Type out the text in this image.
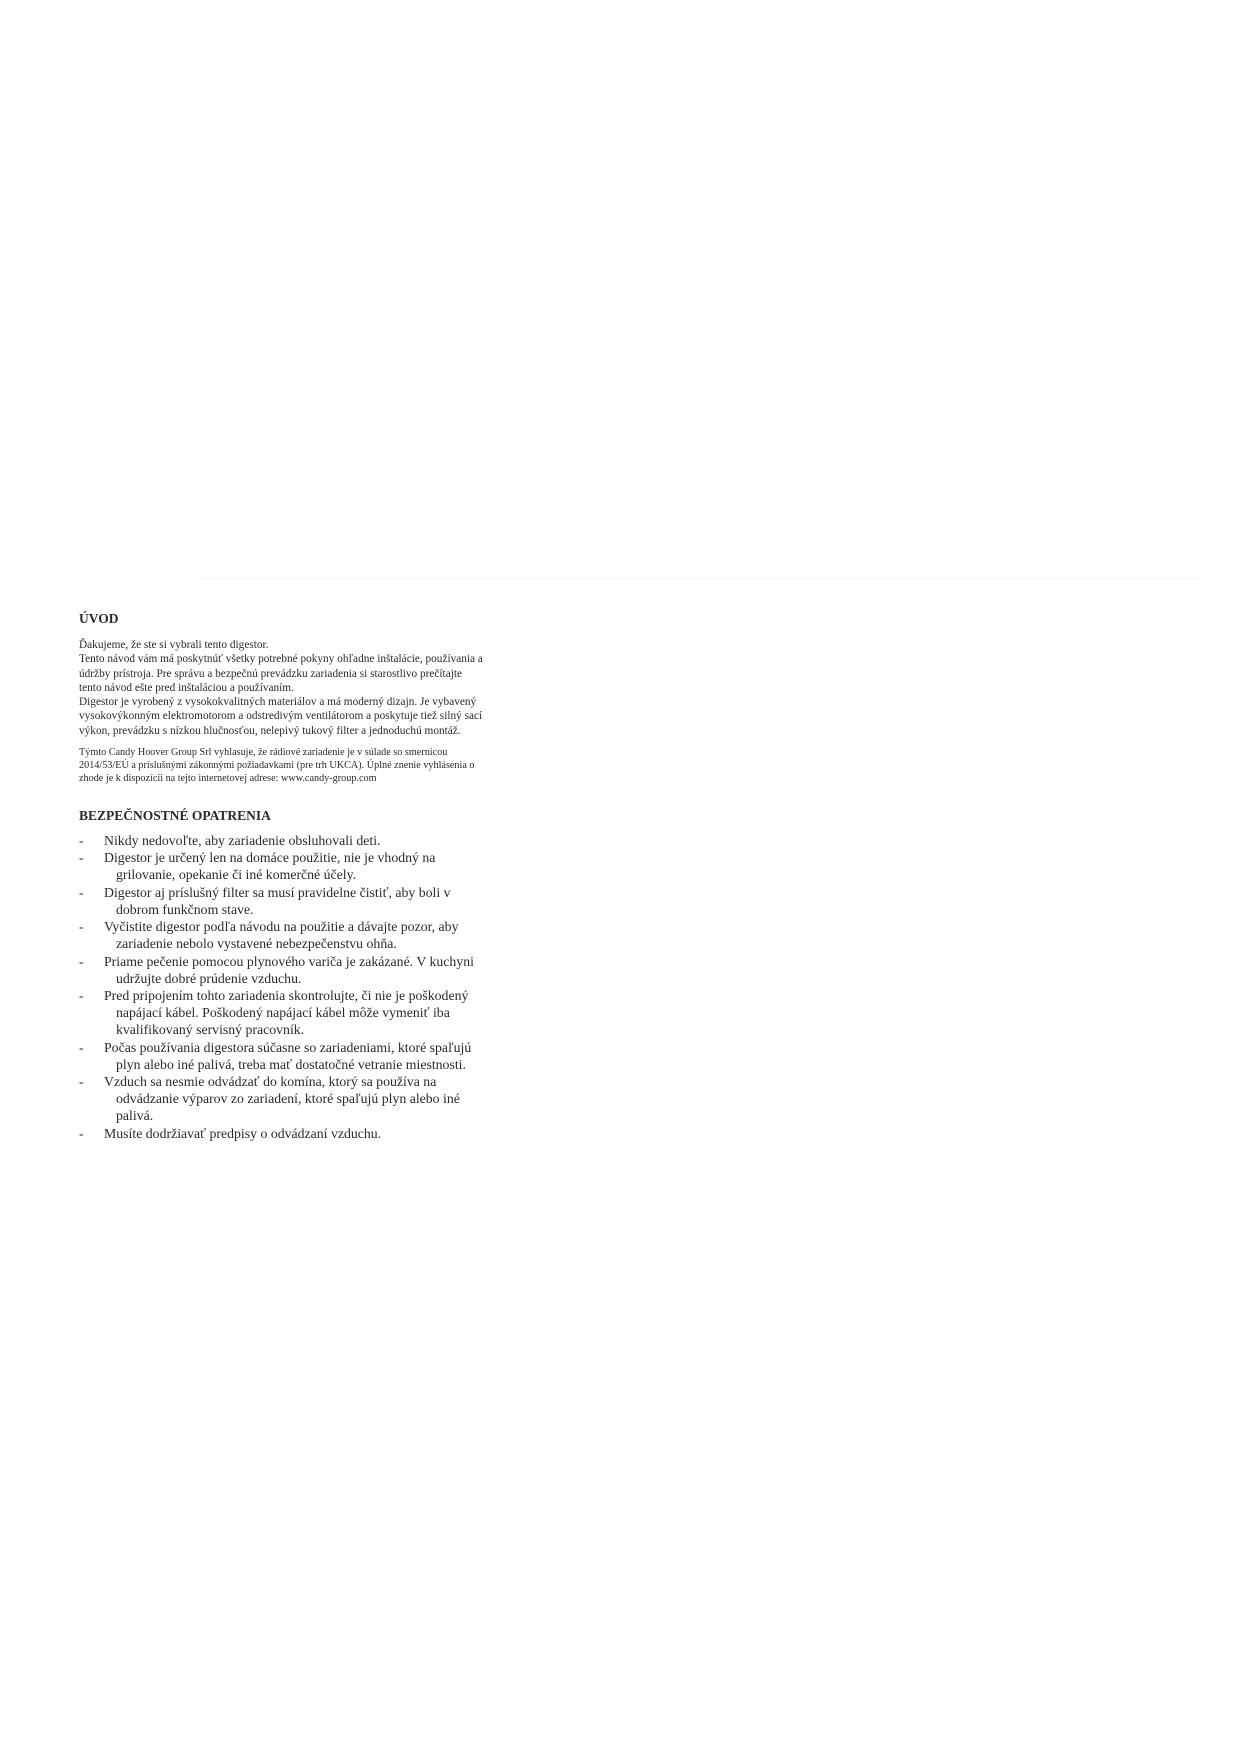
ÚVOD

Ďakujeme, že ste si vybrali tento digestor.

Tento návod vám má poskytnúť všetky potrebné pokyny ohľadne inštalácie, používania a údržby prístroja. Pre správu a bezpečnú prevádzku zariadenia si starostlivo prečítajte tento návod ešte pred inštaláciou a používaním.

Digestor je vyrobený z vysokokvalitných materiálov a má moderný dizajn. Je vybavený vysokovýkonným elektromotorom a odstredivým ventilátorom a poskytuje tiež silný sací výkon, prevádzku s nízkou hlučnosťou, nelepivý tukový filter a jednoduchú montáž.

Týmto Candy Hoover Group Srl vyhlasuje, že rádiové zariadenie je v súlade so smernicou 2014/53/EÚ a príslušnými zákonnými požiadavkami (pre trh UKCA). Úplné znenie vyhlásenia o zhode je k dispozícii na tejto internetovej adrese: www.candy-group.com

BEZPEČNOSTNÉ OPATRENIA
- Nikdy nedovoľte, aby zariadenie obsluhovali deti.
- Digestor je určený len na domáce použitie, nie je vhodný na grilovanie, opekanie či iné komerčné účely.
- Digestor aj príslušný filter sa musí pravidelne čistiť, aby boli v dobrom funkčnom stave.
- Vyčistite digestor podľa návodu na použitie a dávajte pozor, aby zariadenie nebolo vystavené nebezpečenstvu ohňa.
- Priame pečenie pomocou plynového variča je zakázané. V kuchyni udržujte dobré prúdenie vzduchu.
- Pred pripojením tohto zariadenia skontrolujte, či nie je poškodený napájací kábel. Poškodený napájací kábel môže vymeniť iba kvalifikovaný servisný pracovník.
- Počas používania digestora súčasne so zariadeniami, ktoré spaľujú plyn alebo iné palivá, treba mať dostatočné vetranie miestnosti.
- Vzduch sa nesmie odvádzať do komína, ktorý sa používa na odvádzanie výparov zo zariadení, ktoré spaľujú plyn alebo iné palivá.
- Musíte dodržiavať predpisy o odvádzaní vzduchu.
